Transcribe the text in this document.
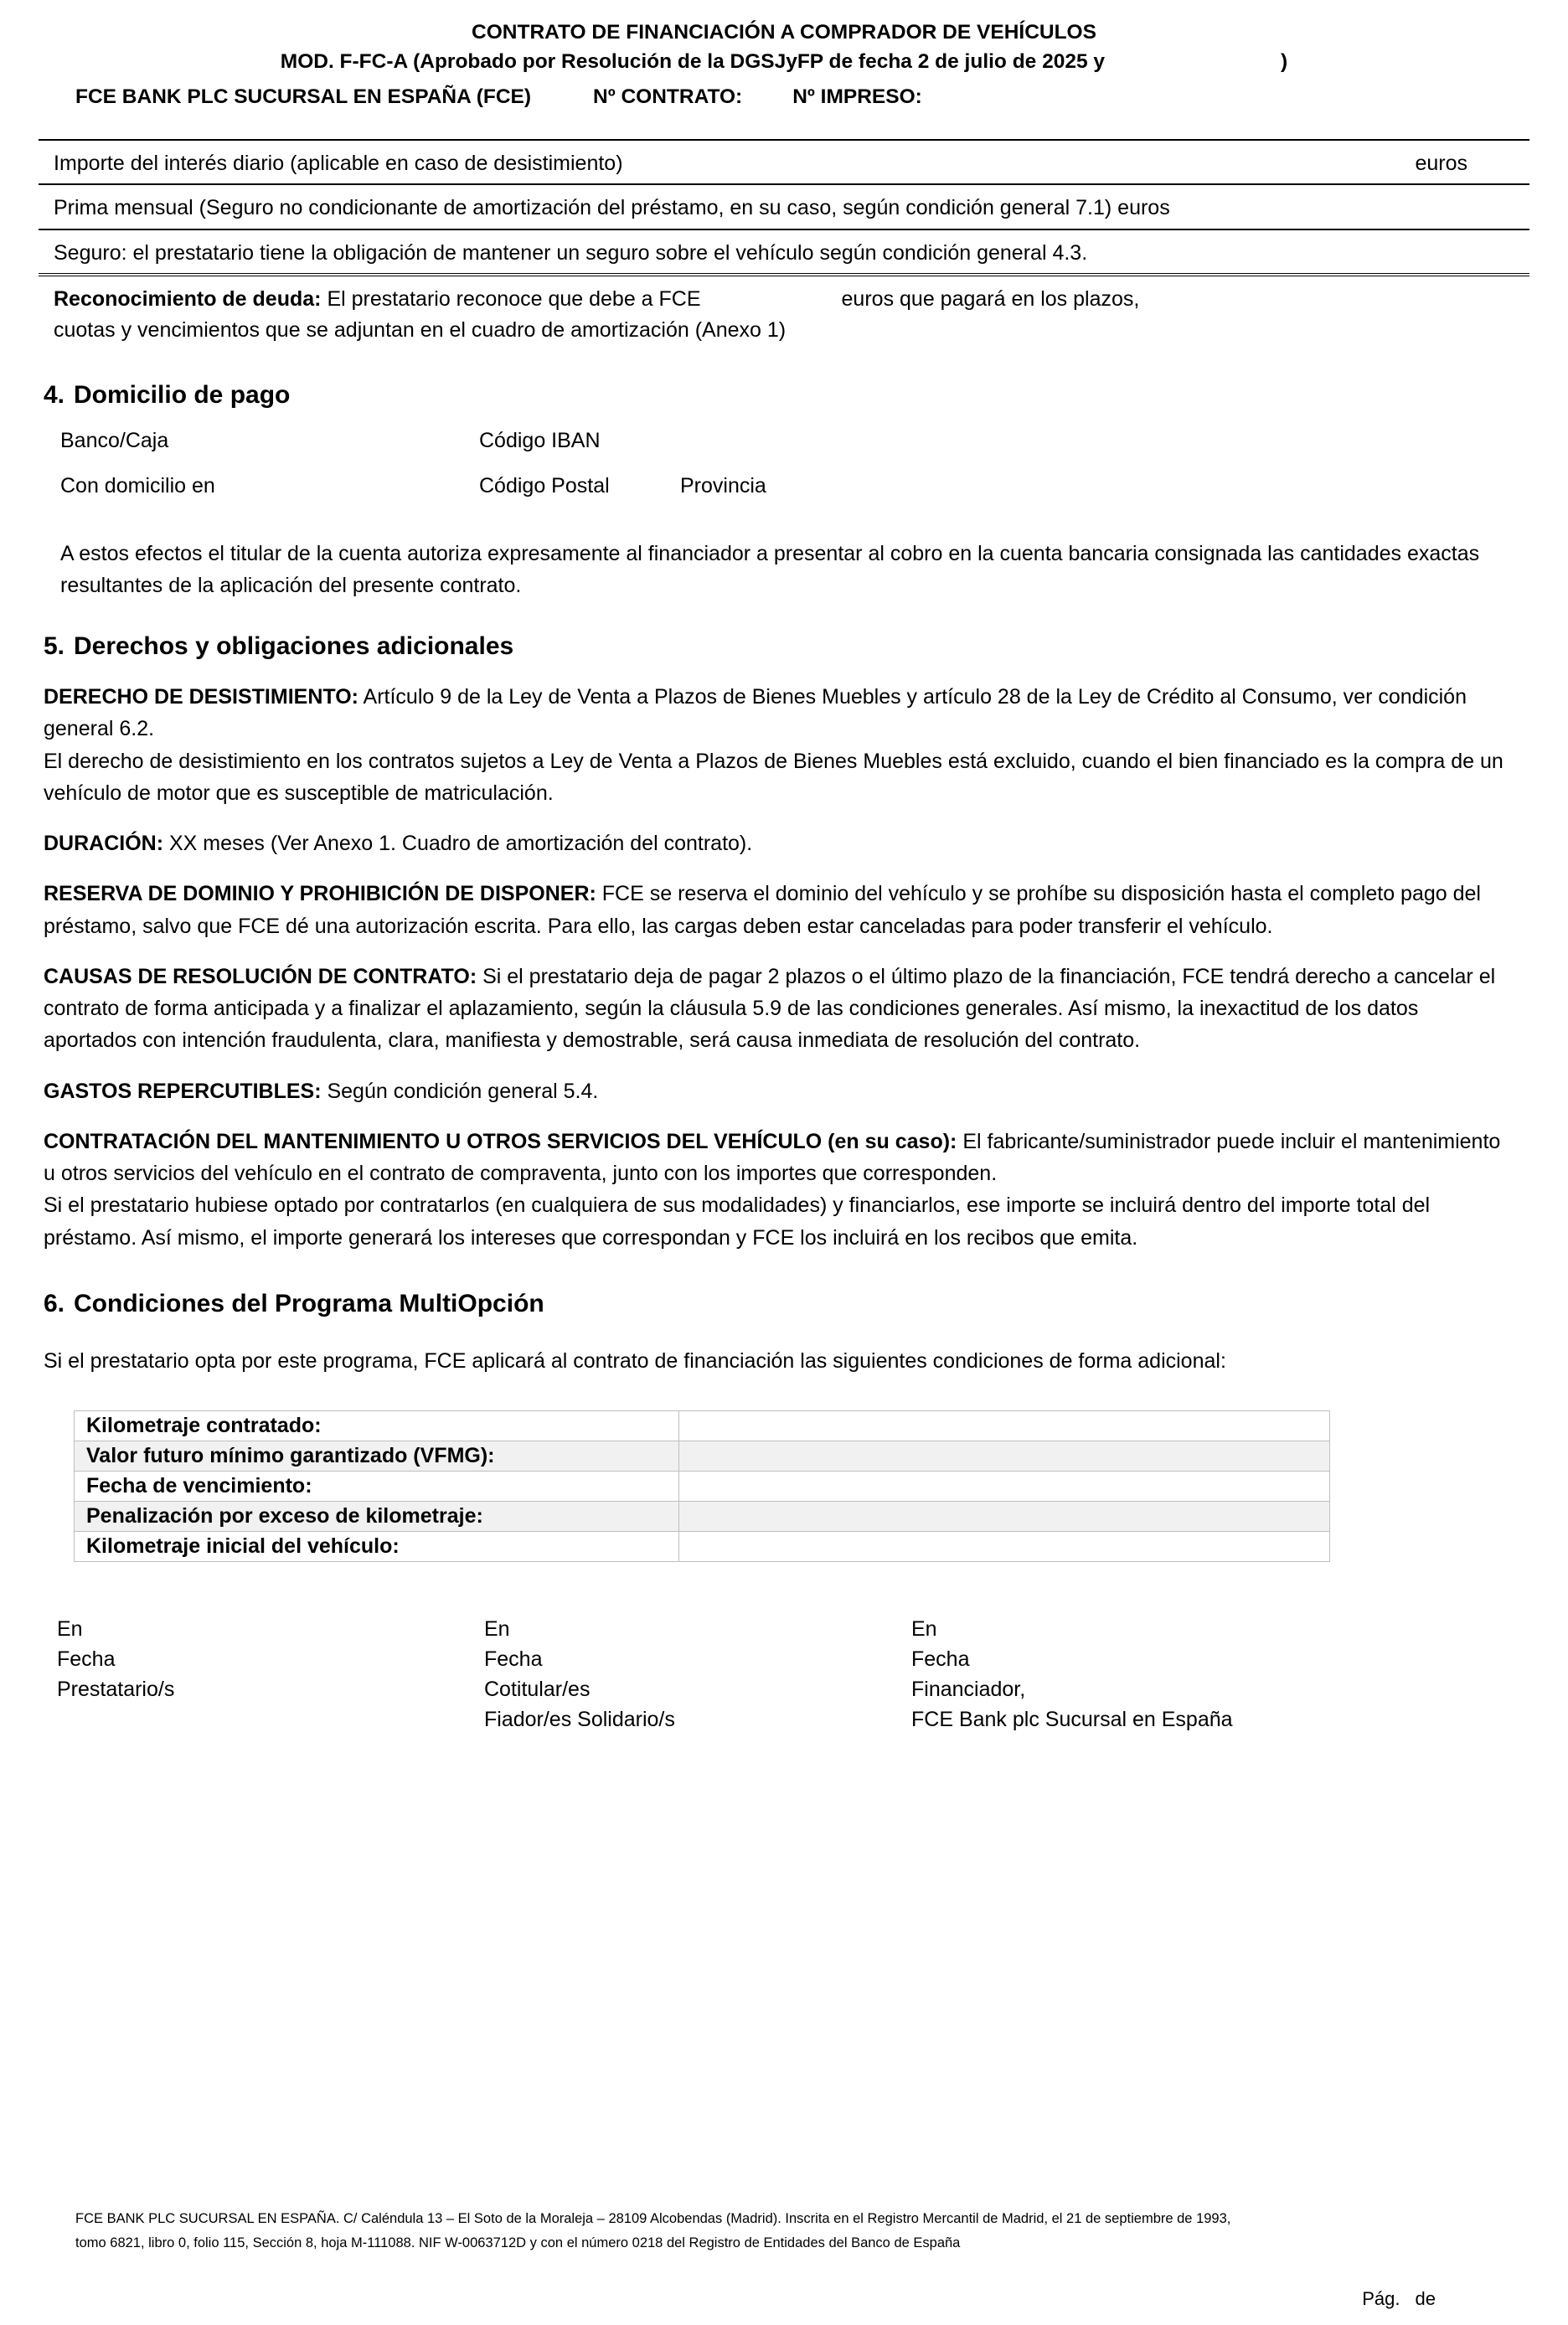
CONTRATO DE FINANCIACIÓN A COMPRADOR DE VEHÍCULOS
MOD. F-FC-A (Aprobado por Resolución de la DGSJyFP de fecha 2 de julio de 2025 y	)
FCE BANK PLC SUCURSAL EN ESPAÑA (FCE)	Nº CONTRATO: Nº IMPRESO:
Importe del interés diario (aplicable en caso de desistimiento)	euros
Prima mensual (Seguro no condicionante de amortización del préstamo, en su caso, según condición general 7.1) euros
Seguro: el prestatario tiene la obligación de mantener un seguro sobre el vehículo según condición general 4.3.
Reconocimiento de deuda: El prestatario reconoce que debe a FCE	euros que pagará en los plazos,
cuotas y vencimientos que se adjuntan en el cuadro de amortización (Anexo 1)
4. Domicilio de pago
Banco/Caja	Código IBAN
Con domicilio en	Código Postal	Provincia
A estos efectos el titular de la cuenta autoriza expresamente al financiador a presentar al cobro en la cuenta bancaria consignada las cantidades exactas resultantes de la aplicación del presente contrato.
5. Derechos y obligaciones adicionales
DERECHO DE DESISTIMIENTO: Artículo 9 de la Ley de Venta a Plazos de Bienes Muebles y artículo 28 de la Ley de Crédito al Consumo, ver condición general 6.2.
El derecho de desistimiento en los contratos sujetos a Ley de Venta a Plazos de Bienes Muebles está excluido, cuando el bien financiado es la compra de un vehículo de motor que es susceptible de matriculación.
DURACIÓN: XX meses (Ver Anexo 1. Cuadro de amortización del contrato).
RESERVA DE DOMINIO Y PROHIBICIÓN DE DISPONER: FCE se reserva el dominio del vehículo y se prohíbe su disposición hasta el completo pago del préstamo, salvo que FCE dé una autorización escrita. Para ello, las cargas deben estar canceladas para poder transferir el vehículo.
CAUSAS DE RESOLUCIÓN DE CONTRATO: Si el prestatario deja de pagar 2 plazos o el último plazo de la financiación, FCE tendrá derecho a cancelar el contrato de forma anticipada y a finalizar el aplazamiento, según la cláusula 5.9 de las condiciones generales. Así mismo, la inexactitud de los datos aportados con intención fraudulenta, clara, manifiesta y demostrable, será causa inmediata de resolución del contrato.
GASTOS REPERCUTIBLES: Según condición general 5.4.
CONTRATACIÓN DEL MANTENIMIENTO U OTROS SERVICIOS DEL VEHÍCULO (en su caso): El fabricante/suministrador puede incluir el mantenimiento u otros servicios del vehículo en el contrato de compraventa, junto con los importes que corresponden.
Si el prestatario hubiese optado por contratarlos (en cualquiera de sus modalidades) y financiarlos, ese importe se incluirá dentro del importe total del préstamo. Así mismo, el importe generará los intereses que correspondan y FCE los incluirá en los recibos que emita.
6. Condiciones del Programa MultiOpción
Si el prestatario opta por este programa, FCE aplicará al contrato de financiación las siguientes condiciones de forma adicional:
Kilometraje contratado:	
Valor futuro mínimo garantizado (VFMG):	
Fecha de vencimiento:	
Penalización por exceso de kilometraje:	
Kilometraje inicial del vehículo:	
En
Fecha
Prestatario/s
En
Fecha
Cotitular/es
Fiador/es Solidario/s
En
Fecha
Financiador,
FCE Bank plc Sucursal en España
FCE BANK PLC SUCURSAL EN ESPAÑA. C/ Caléndula 13 – El Soto de la Moraleja – 28109 Alcobendas (Madrid). Inscrita en el Registro Mercantil de Madrid, el 21 de septiembre de 1993,
tomo 6821, libro 0, folio 115, Sección 8, hoja M-111088. NIF W-0063712D y con el número 0218 del Registro de Entidades del Banco de España
Pág. de
